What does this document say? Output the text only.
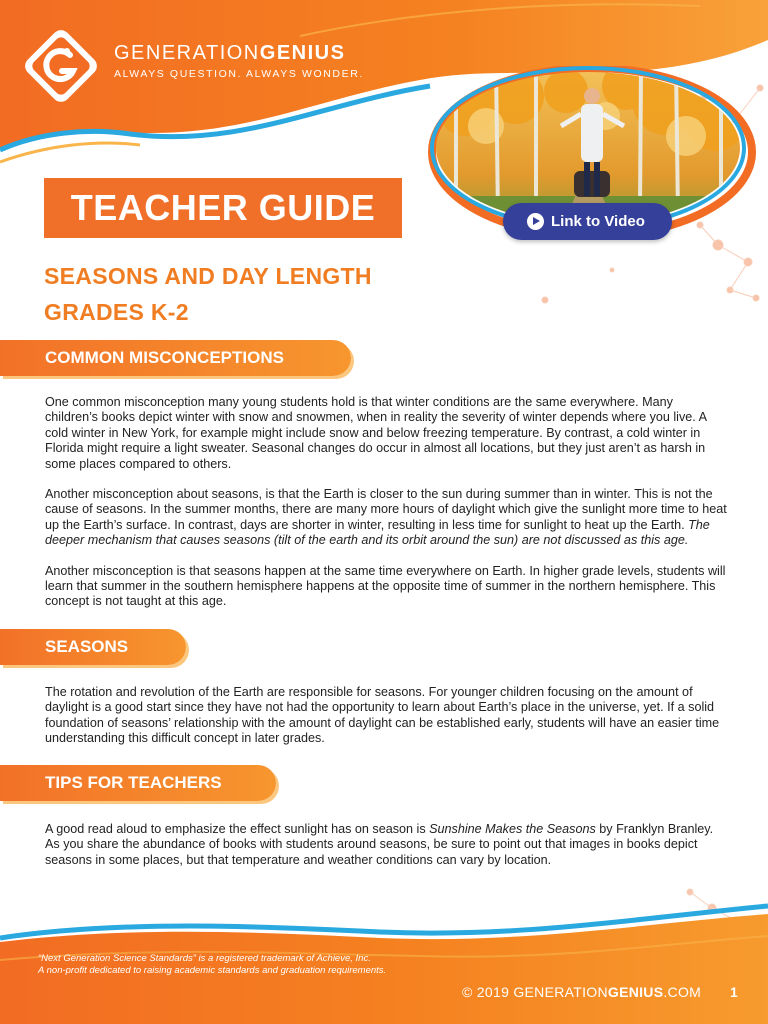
GENERATIONGENIUS
ALWAYS QUESTION. ALWAYS WONDER.
Link to Video
TEACHER GUIDE
SEASONS AND DAY LENGTH
GRADES K-2
COMMON MISCONCEPTIONS

One common misconception many young students hold is that winter conditions are the same everywhere. Many children’s books depict winter with snow and snowmen, when in reality the severity of winter depends where you live. A cold winter in New York, for example might include snow and below freezing temperature. By contrast, a cold winter in Florida might require a light sweater. Seasonal changes do occur in almost all locations, but they just aren’t as harsh in some places compared to others.

Another misconception about seasons, is that the Earth is closer to the sun during summer than in winter. This is not the cause of seasons. In the summer months, there are many more hours of daylight which give the sunlight more time to heat up the Earth’s surface. In contrast, days are shorter in winter, resulting in less time for sunlight to heat up the Earth. The deeper mechanism that causes seasons (tilt of the earth and its orbit around the sun) are not discussed as this age.

Another misconception is that seasons happen at the same time everywhere on Earth. In higher grade levels, students will learn that summer in the southern hemisphere happens at the opposite time of summer in the northern hemisphere. This concept is not taught at this age.

SEASONS

The rotation and revolution of the Earth are responsible for seasons. For younger children focusing on the amount of daylight is a good start since they have not had the opportunity to learn about Earth’s place in the universe, yet. If a solid foundation of seasons’ relationship with the amount of daylight can be established early, students will have an easier time understanding this difficult concept in later grades.

TIPS FOR TEACHERS

A good read aloud to emphasize the effect sunlight has on season is Sunshine Makes the Seasons by Franklyn Branley. As you share the abundance of books with students around seasons, be sure to point out that images in books depict seasons in some places, but that temperature and weather conditions can vary by location.

“Next Generation Science Standards” is a registered trademark of Achieve, Inc.
A non-profit dedicated to raising academic standards and graduation requirements.
© 2019 GENERATIONGENIUS.COM 1
